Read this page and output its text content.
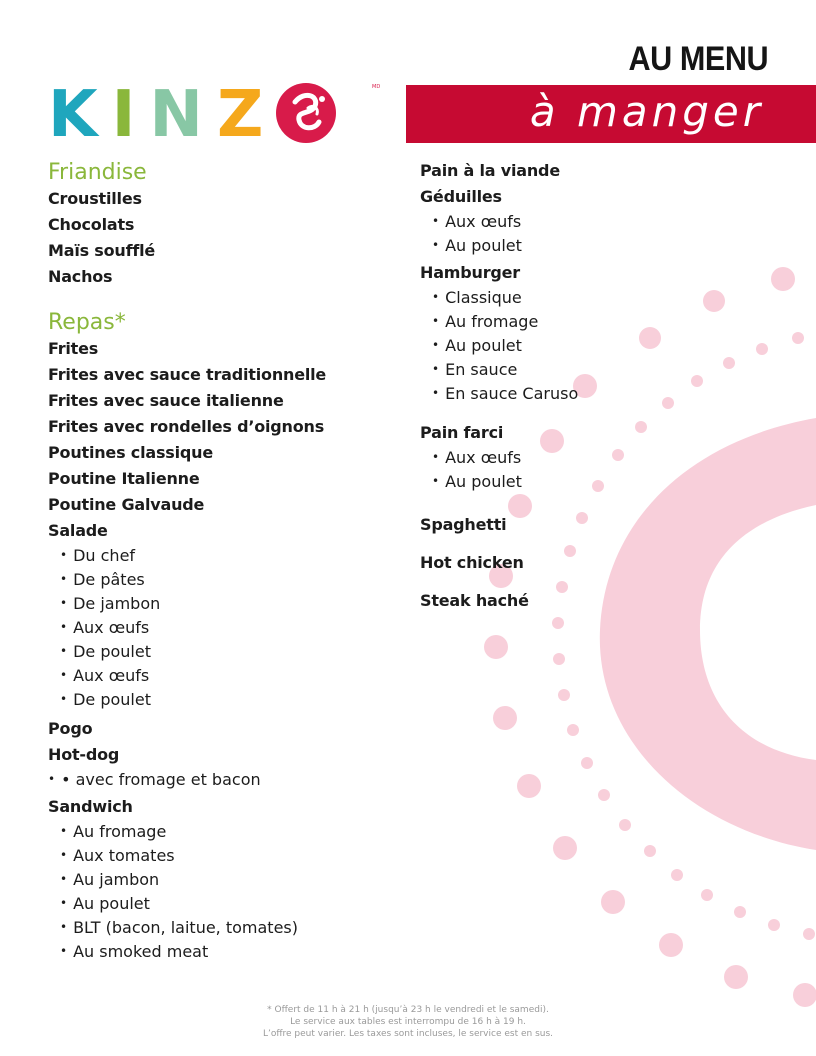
K I N Z	MD
AU MENU
à manger
Friandise
Croustilles
Chocolats
Maïs soufflé
Nachos
Repas*
Frites
Frites avec sauce traditionnelle
Frites avec sauce italienne
Frites avec rondelles d’oignons
Poutines classique
Poutine Italienne
Poutine Galvaude
Salade
• Du chef
• De pâtes
• De jambon
• Aux œufs
• De poulet
• Aux œufs
• De poulet
Pogo
Hot-dog
• • avec fromage et bacon
Sandwich
• Au fromage
• Aux tomates
• Au jambon
• Au poulet
• BLT (bacon, laitue, tomates)
• Au smoked meat
Pain à la viande
Géduilles
• Aux œufs
• Au poulet
Hamburger
• Classique
• Au fromage
• Au poulet
• En sauce
• En sauce Caruso
Pain farci
• Aux œufs
• Au poulet
Spaghetti
Hot chicken
Steak haché
* Offert de 11 h à 21 h (jusqu’à 23 h le vendredi et le samedi).
Le service aux tables est interrompu de 16 h à 19 h.
L’offre peut varier. Les taxes sont incluses, le service est en sus.
